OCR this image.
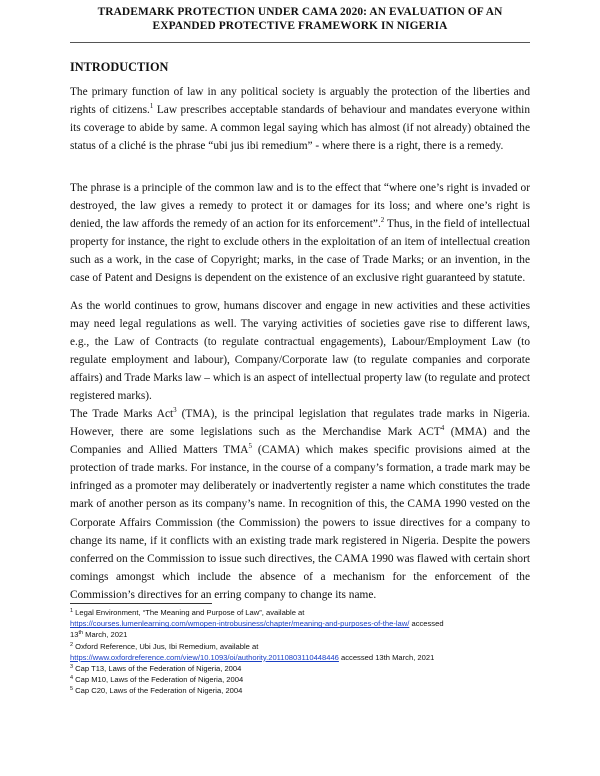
TRADEMARK PROTECTION UNDER CAMA 2020: AN EVALUATION OF AN
EXPANDED PROTECTIVE FRAMEWORK IN NIGERIA
INTRODUCTION

The primary function of law in any political society is arguably the protection of the liberties and rights of citizens.$^1$ Law prescribes acceptable standards of behaviour and mandates everyone within its coverage to abide by same. A common legal saying which has almost (if not already) obtained the status of a cliché is the phrase “ubi jus ibi remedium” - where there is a right, there is a remedy.

The phrase is a principle of the common law and is to the effect that “where one’s right is invaded or destroyed, the law gives a remedy to protect it or damages for its loss; and where one’s right is denied, the law affords the remedy of an action for its enforcement”.$^2$ Thus, in the field of intellectual property for instance, the right to exclude others in the exploitation of an item of intellectual creation such as a work, in the case of Copyright; marks, in the case of Trade Marks; or an invention, in the case of Patent and Designs is dependent on the existence of an exclusive right guaranteed by statute.

As the world continues to grow, humans discover and engage in new activities and these activities may need legal regulations as well. The varying activities of societies gave rise to different laws, e.g., the Law of Contracts (to regulate contractual engagements), Labour/Employment Law (to regulate employment and labour), Company/Corporate law (to regulate companies and corporate affairs) and Trade Marks law – which is an aspect of intellectual property law (to regulate and protect registered marks).

The Trade Marks Act$^3$ (TMA), is the principal legislation that regulates trade marks in Nigeria. However, there are some legislations such as the Merchandise Mark ACT$^4$ (MMA) and the Companies and Allied Matters TMA$^5$ (CAMA) which makes specific provisions aimed at the protection of trade marks. For instance, in the course of a company’s formation, a trade mark may be infringed as a promoter may deliberately or inadvertently register a name which constitutes the trade mark of another person as its company’s name. In recognition of this, the CAMA 1990 vested on the Corporate Affairs Commission (the Commission) the powers to issue directives for a company to change its name, if it conflicts with an existing trade mark registered in Nigeria. Despite the powers conferred on the Commission to issue such directives, the CAMA 1990 was flawed with certain short comings amongst which include the absence of a mechanism for the enforcement of the Commission’s directives for an erring company to change its name.

$^1$ Legal Environment, “The Meaning and Purpose of Law”, available at
https://courses.lumenlearning.com/wmopen-introbusiness/chapter/meaning-and-purposes-of-the-law/ accessed
13th March, 2021

$^2$ Oxford Reference, Ubi Jus, Ibi Remedium, available at
https://www.oxfordreference.com/view/10.1093/oi/authority.20110803110448446 accessed 13th March, 2021

$^3$ Cap T13, Laws of the Federation of Nigeria, 2004

$^4$ Cap M10, Laws of the Federation of Nigeria, 2004

$^5$ Cap C20, Laws of the Federation of Nigeria, 2004
